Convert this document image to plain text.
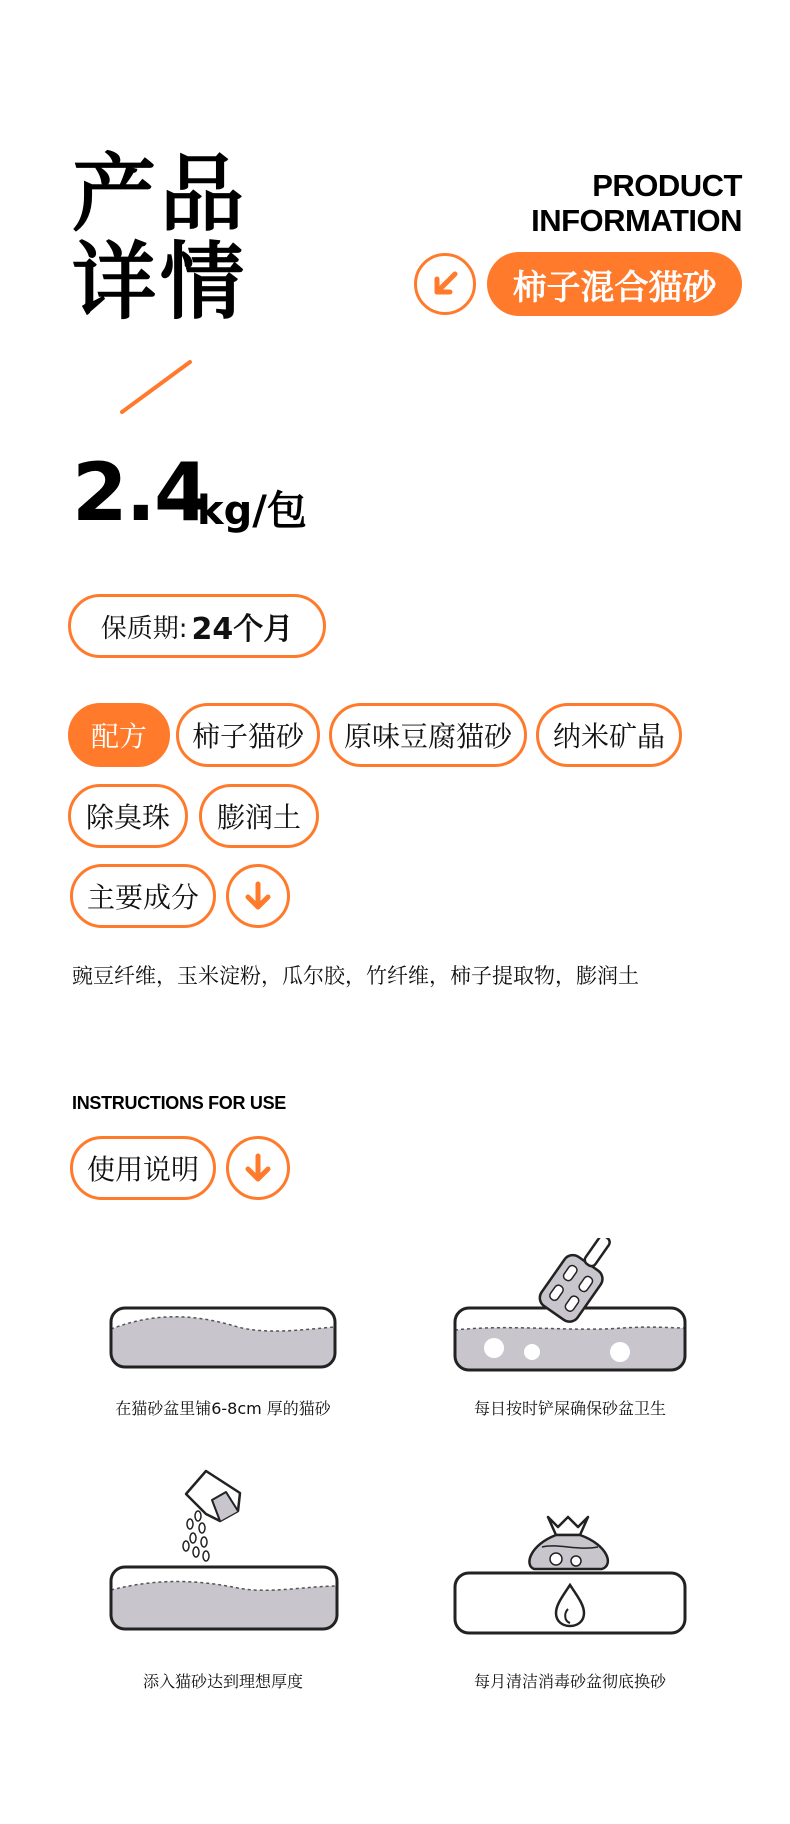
产品
详情
PRODUCT
INFORMATION
柿子混合猫砂
2.4
kg/包
保质期: 24个月
配方	柿子猫砂	原味豆腐猫砂	纳米矿晶
除臭珠	膨润土
主要成分
豌豆纤维，玉米淀粉，瓜尔胶，竹纤维，柿子提取物，膨润土
INSTRUCTIONS FOR USE
使用说明
在猫砂盆里铺6-8cm 厚的猫砂	每日按时铲屎确保砂盆卫生
添入猫砂达到理想厚度	每月清洁消毒砂盆彻底换砂
